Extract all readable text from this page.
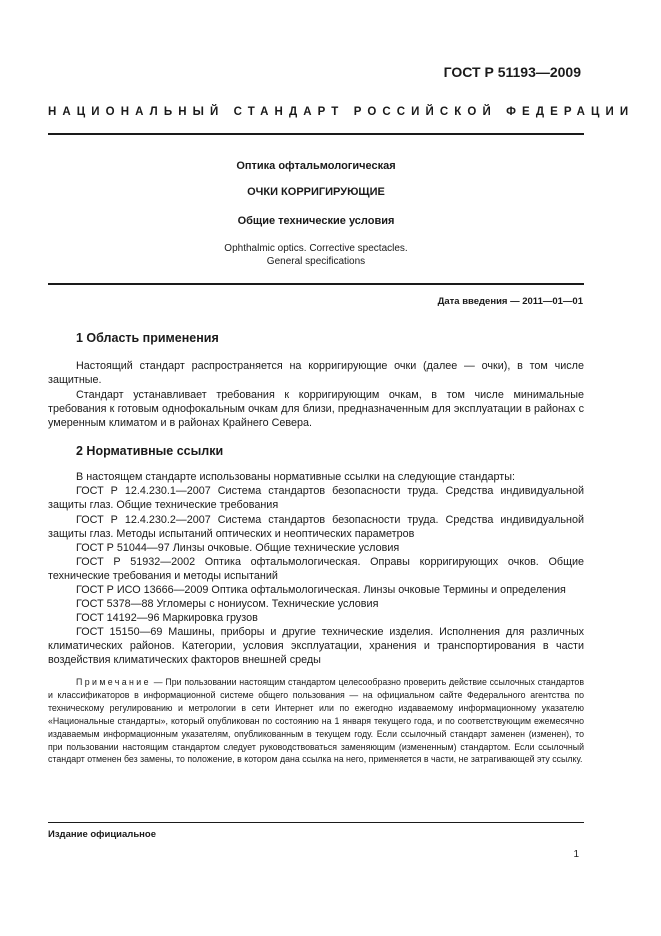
ГОСТ Р 51193—2009
НАЦИОНАЛЬНЫЙ СТАНДАРТ РОССИЙСКОЙ ФЕДЕРАЦИИ
Оптика офтальмологическая
ОЧКИ КОРРИГИРУЮЩИЕ
Общие технические условия
Ophthalmic optics. Corrective spectacles.
General specifications
Дата введения — 2011—01—01
1 Область применения
Настоящий стандарт распространяется на корригирующие очки (далее — очки), в том числе защитные.
Стандарт устанавливает требования к корригирующим очкам, в том числе минимальные требования к готовым однофокальным очкам для близи, предназначенным для эксплуатации в районах с умеренным климатом и в районах Крайнего Севера.
2 Нормативные ссылки
В настоящем стандарте использованы нормативные ссылки на следующие стандарты:
ГОСТ Р 12.4.230.1—2007 Система стандартов безопасности труда. Средства индивидуальной защиты глаз. Общие технические требования
ГОСТ Р 12.4.230.2—2007 Система стандартов безопасности труда. Средства индивидуальной защиты глаз. Методы испытаний оптических и неоптических параметров
ГОСТ Р 51044—97 Линзы очковые. Общие технические условия
ГОСТ Р 51932—2002 Оптика офтальмологическая. Оправы корригирующих очков. Общие технические требования и методы испытаний
ГОСТ Р ИСО 13666—2009 Оптика офтальмологическая. Линзы очковые Термины и определения
ГОСТ 5378—88 Угломеры с нониусом. Технические условия
ГОСТ 14192—96 Маркировка грузов
ГОСТ 15150—69 Машины, приборы и другие технические изделия. Исполнения для различных климатических районов. Категории, условия эксплуатации, хранения и транспортирования в части воздействия климатических факторов внешней среды
Примечание — При пользовании настоящим стандартом целесообразно проверить действие ссылочных стандартов и классификаторов в информационной системе общего пользования — на официальном сайте Федерального агентства по техническому регулированию и метрологии в сети Интернет или по ежегодно издаваемому информационному указателю «Национальные стандарты», который опубликован по состоянию на 1 января текущего года, и по соответствующим ежемесячно издаваемым информационным указателям, опубликованным в текущем году. Если ссылочный стандарт заменен (изменен), то при пользовании настоящим стандартом следует руководствоваться заменяющим (измененным) стандартом. Если ссылочный стандарт отменен без замены, то положение, в котором дана ссылка на него, применяется в части, не затрагивающей эту ссылку.
Издание официальное
1
